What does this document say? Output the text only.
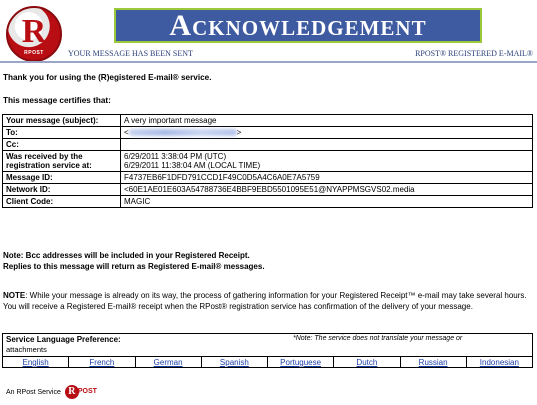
R
RPOST
Acknowledgement
YOUR MESSAGE HAS BEEN SENT	RPOST® REGISTERED E-MAIL®
Thank you for using the (R)egistered E-mail® service.
This message certifies that:
Your message (subject):	A very important message
To:	< >
Cc:	
Was received by the registration service at:	6/29/2011 3:38:04 PM (UTC)
6/29/2011 11:38:04 AM (LOCAL TIME)

Message ID:	F4737EB6F1DFD791CCD1F49C0D5A4C6A0E7A5759
Network ID:	<60E1AE01E603A54788736E4BBF9EBD5501095E51@NYAPPMSGVS02.media
Client Code:	MAGIC
Note: Bcc addresses will be included in your Registered Receipt.
Replies to this message will return as Registered E-mail® messages.
NOTE: While your message is already on its way, the process of gathering information for your Registered Receipt™ e-mail may take several hours. You will receive a Registered E-mail® receipt when the RPost® registration service has confirmation of the delivery of your message.
Service Language Preference:
attachments
*Note: The service does not translate your message or
English	French	German	Spanish	Portuguese	Dutch	Russian	Indonesian
An RPost Service R POST
